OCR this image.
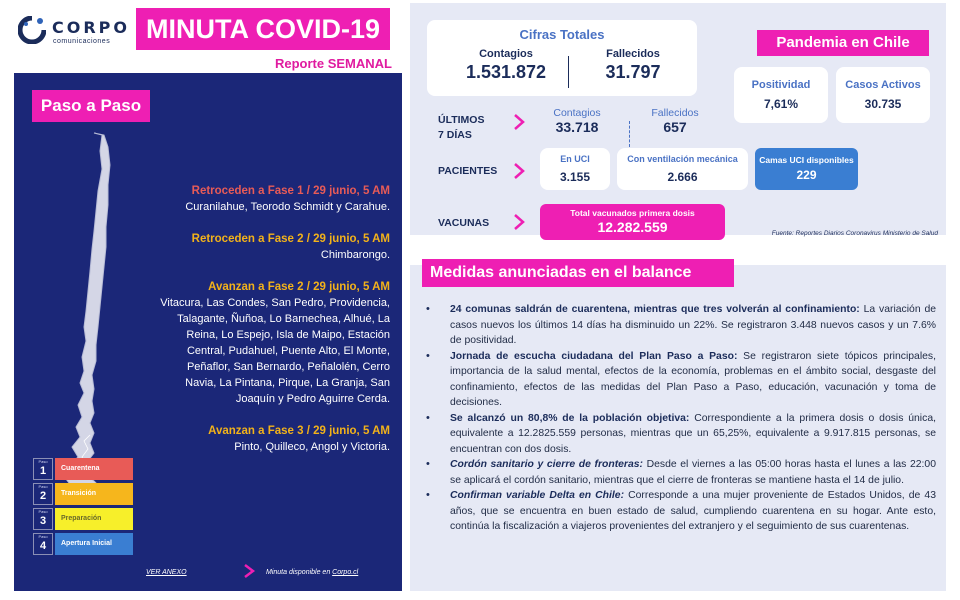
CORPO
comunicaciones	MINUTA COVID-19
Reporte SEMANAL
Paso a Paso
Retroceden a Fase 1 / 29 junio, 5 AM
Curanilahue, Teorodo Schmidt y Carahue.
Retroceden a Fase 2 / 29 junio, 5 AM
Chimbarongo.
Avanzan a Fase 2 / 29 junio, 5 AM
Vitacura, Las Condes, San Pedro, Providencia, Talagante, Ñuñoa, Lo Barnechea, Alhué, La Reina, Lo Espejo, Isla de Maipo, Estación Central, Pudahuel, Puente Alto, El Monte, Peñaflor, San Bernardo, Peñalolén, Cerro Navia, La Pintana, Pirque, La Granja, San Joaquín y Pedro Aguirre Cerda.
Avanzan a Fase 3 / 29 junio, 5 AM
Pinto, Quilleco, Angol y Victoria.
Paso
1	Cuarentena
Paso
2	Transición
Paso
3	Preparación
Paso
4	Apertura Inicial
VER ANEXO	Minuta disponible en Corpo.cl
Cifras Totales
Contagios
1.531.872
Fallecidos
31.797
Pandemia en Chile
Positividad
7,61%
Casos Activos
30.735
ÚLTIMOS
7 DÍAS
Contagios
33.718
Fallecidos
657
PACIENTES
En UCI
3.155
Con ventilación mecánica
2.666
Camas UCI disponibles
229
VACUNAS
Total vacunados primera dosis
12.282.559	Fuente: Reportes Diarios Coronavirus Ministerio de Salud
Medidas anunciadas en el balance
• 24 comunas saldrán de cuarentena, mientras que tres volverán al confinamiento: La variación de casos nuevos los últimos 14 días ha disminuido un 22%. Se registraron 3.448 nuevos casos y un 7.6% de positividad.
• Jornada de escucha ciudadana del Plan Paso a Paso: Se registraron siete tópicos principales, importancia de la salud mental, efectos de la economía, problemas en el ámbito social, desgaste del confinamiento, efectos de las medidas del Plan Paso a Paso, educación, vacunación y toma de decisiones.
• Se alcanzó un 80,8% de la población objetiva: Correspondiente a la primera dosis o dosis única, equivalente a 12.2825.559 personas, mientras que un 65,25%, equivalente a 9.917.815 personas, se encuentran con dos dosis.
• Cordón sanitario y cierre de fronteras: Desde el viernes a las 05:00 horas hasta el lunes a las 22:00 se aplicará el cordón sanitario, mientras que el cierre de fronteras se mantiene hasta el 14 de julio.
• Confirman variable Delta en Chile: Corresponde a una mujer proveniente de Estados Unidos, de 43 años, que se encuentra en buen estado de salud, cumpliendo cuarentena en su hogar. Ante esto, continúa la fiscalización a viajeros provenientes del extranjero y el seguimiento de sus cuarentenas.
